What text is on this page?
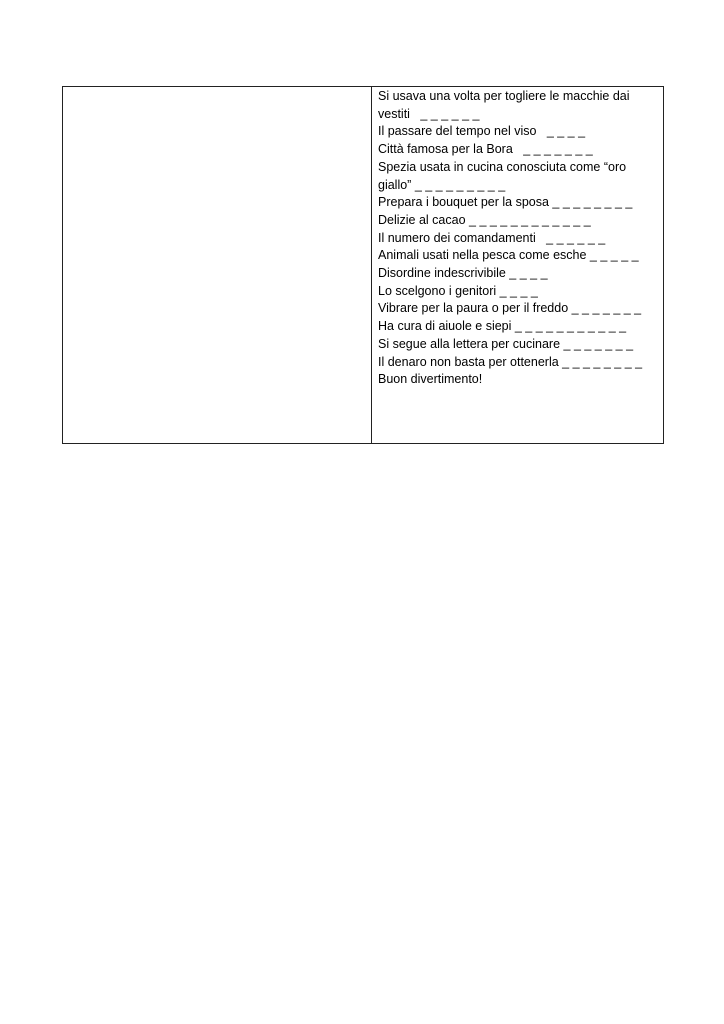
Si usava una volta per togliere le macchie dai vestiti   _ _ _ _ _ _
Il passare del tempo nel viso   _ _ _ _
Città famosa per la Bora   _ _ _ _ _ _ _
Spezia usata in cucina conosciuta come “oro giallo” _ _ _ _ _ _ _ _ _
Prepara i bouquet per la sposa _ _ _ _ _ _ _ _
Delizie al cacao _ _ _ _ _ _ _ _ _ _ _ _
Il numero dei comandamenti   _ _ _ _ _ _
Animali usati nella pesca come esche _ _ _ _ _
Disordine indescrivibile _ _ _ _
Lo scelgono i genitori _ _ _ _
Vibrare per la paura o per il freddo _ _ _ _ _ _ _
Ha cura di aiuole e siepi _ _ _ _ _ _ _ _ _ _ _
Si segue alla lettera per cucinare _ _ _ _ _ _ _
Il denaro non basta per ottenerla _ _ _ _ _ _ _ _
Buon divertimento!
